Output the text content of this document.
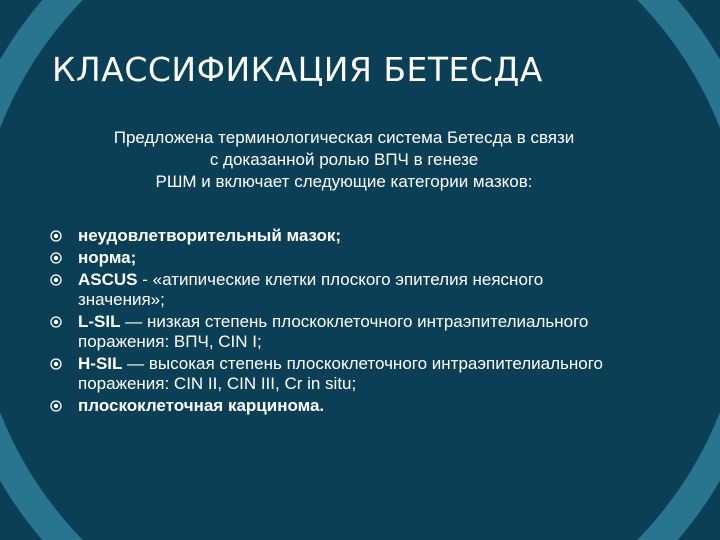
КЛАССИФИКАЦИЯ БЕТЕСДА
Предложена терминологическая система Бетесда в связи
с доказанной ролью ВПЧ в генезе
РШМ и включает следующие категории мазков:
неудовлетворительный мазок;
норма;
ASCUS - «атипические клетки плоского эпителия неясного значения»;
L-SIL — низкая степень плоскоклеточного интраэпителиального поражения: ВПЧ, CIN I;
H-SIL — высокая степень плоскоклеточного интраэпителиального поражения: CIN II, CIN III, Cr in situ;
плоскоклеточная карцинома.
